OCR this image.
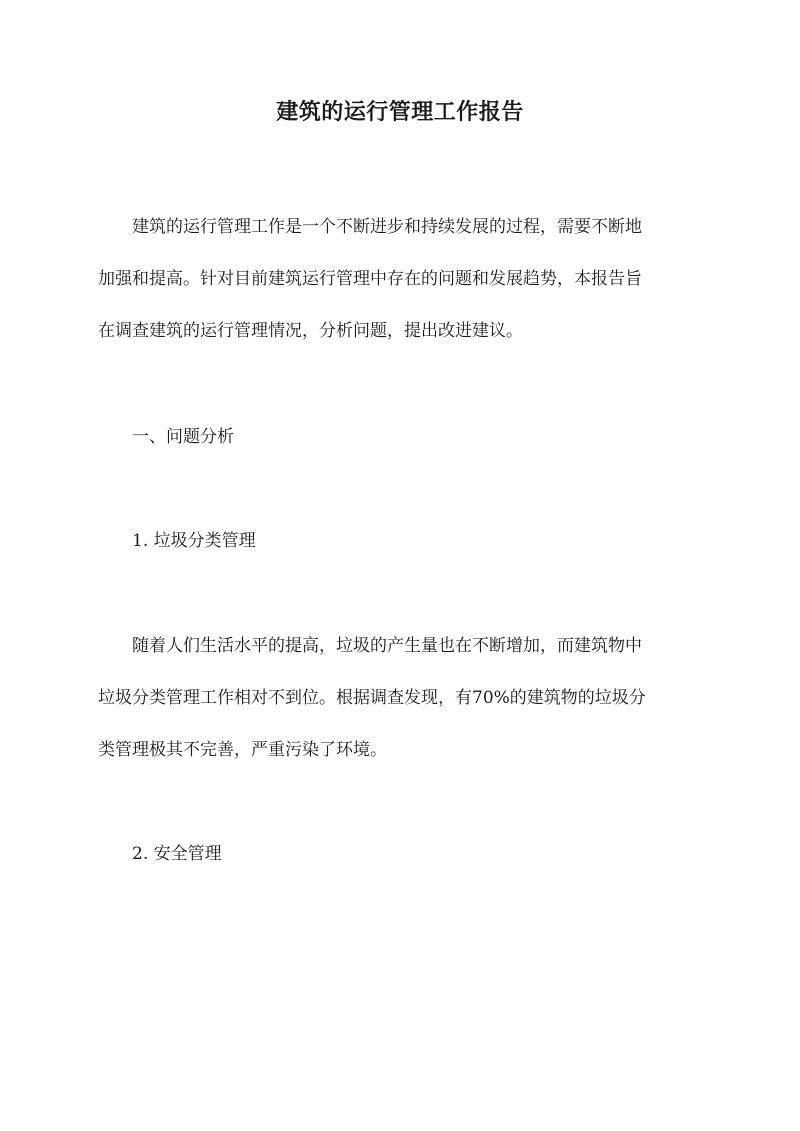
建筑的运行管理工作报告
建筑的运行管理工作是一个不断进步和持续发展的过程，需要不断地
加强和提高。针对目前建筑运行管理中存在的问题和发展趋势，本报告旨
在调查建筑的运行管理情况，分析问题，提出改进建议。

一、问题分析

1. 垃圾分类管理

随着人们生活水平的提高，垃圾的产生量也在不断增加，而建筑物中
垃圾分类管理工作相对不到位。根据调查发现，有70%的建筑物的垃圾分
类管理极其不完善，严重污染了环境。

2. 安全管理
